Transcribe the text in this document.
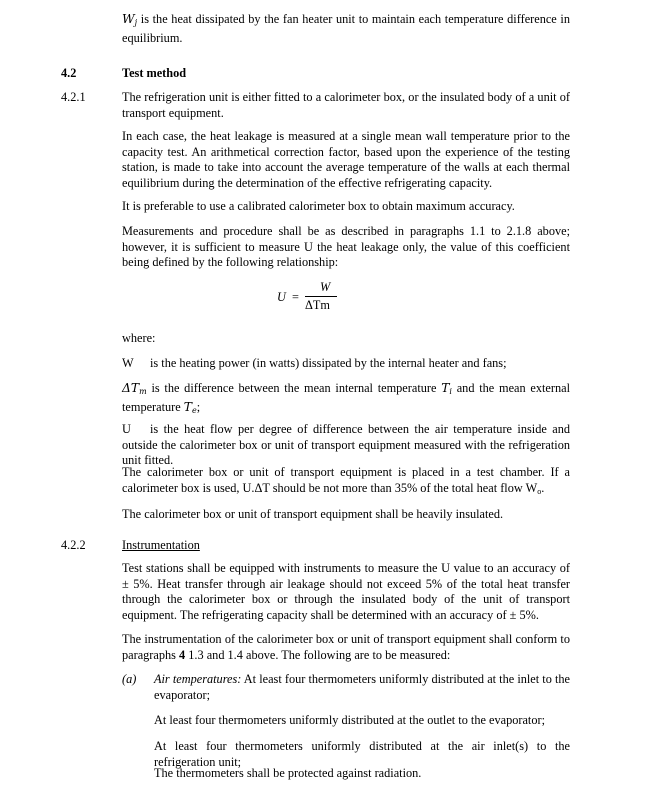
$W_j$ is the heat dissipated by the fan heater unit to maintain each temperature difference in equilibrium.

4.2	Test method

4.2.1	The refrigeration unit is either fitted to a calorimeter box, or the insulated body of a unit of transport equipment.

In each case, the heat leakage is measured at a single mean wall temperature prior to the capacity test. An arithmetical correction factor, based upon the experience of the testing station, is made to take into account the average temperature of the walls at each thermal equilibrium during the determination of the effective refrigerating capacity.

It is preferable to use a calibrated calorimeter box to obtain maximum accuracy.

Measurements and procedure shall be as described in paragraphs 1.1 to 2.1.8 above; however, it is sufficient to measure U the heat leakage only, the value of this coefficient being defined by the following relationship:

U =
W
ΔTm

where:

W is the heating power (in watts) dissipated by the internal heater and fans;

$\Delta T_m$ is the difference between the mean internal temperature $T_i$ and the mean external temperature $T_e$;

U is the heat flow per degree of difference between the air temperature inside and outside the calorimeter box or unit of transport equipment measured with the refrigeration unit fitted.

The calorimeter box or unit of transport equipment is placed in a test chamber. If a calorimeter box is used, U.ΔT should be not more than 35% of the total heat flow $W_o$.

The calorimeter box or unit of transport equipment shall be heavily insulated.

4.2.2	Instrumentation

Test stations shall be equipped with instruments to measure the U value to an accuracy of ± 5%. Heat transfer through air leakage should not exceed 5% of the total heat transfer through the calorimeter box or through the insulated body of the unit of transport equipment. The refrigerating capacity shall be determined with an accuracy of ± 5%.

The instrumentation of the calorimeter box or unit of transport equipment shall conform to paragraphs 4 1.3 and 1.4 above. The following are to be measured:

(a) Air temperatures: At least four thermometers uniformly distributed at the inlet to the evaporator;

At least four thermometers uniformly distributed at the outlet to the evaporator;

At least four thermometers uniformly distributed at the air inlet(s) to the refrigeration unit;

The thermometers shall be protected against radiation.
